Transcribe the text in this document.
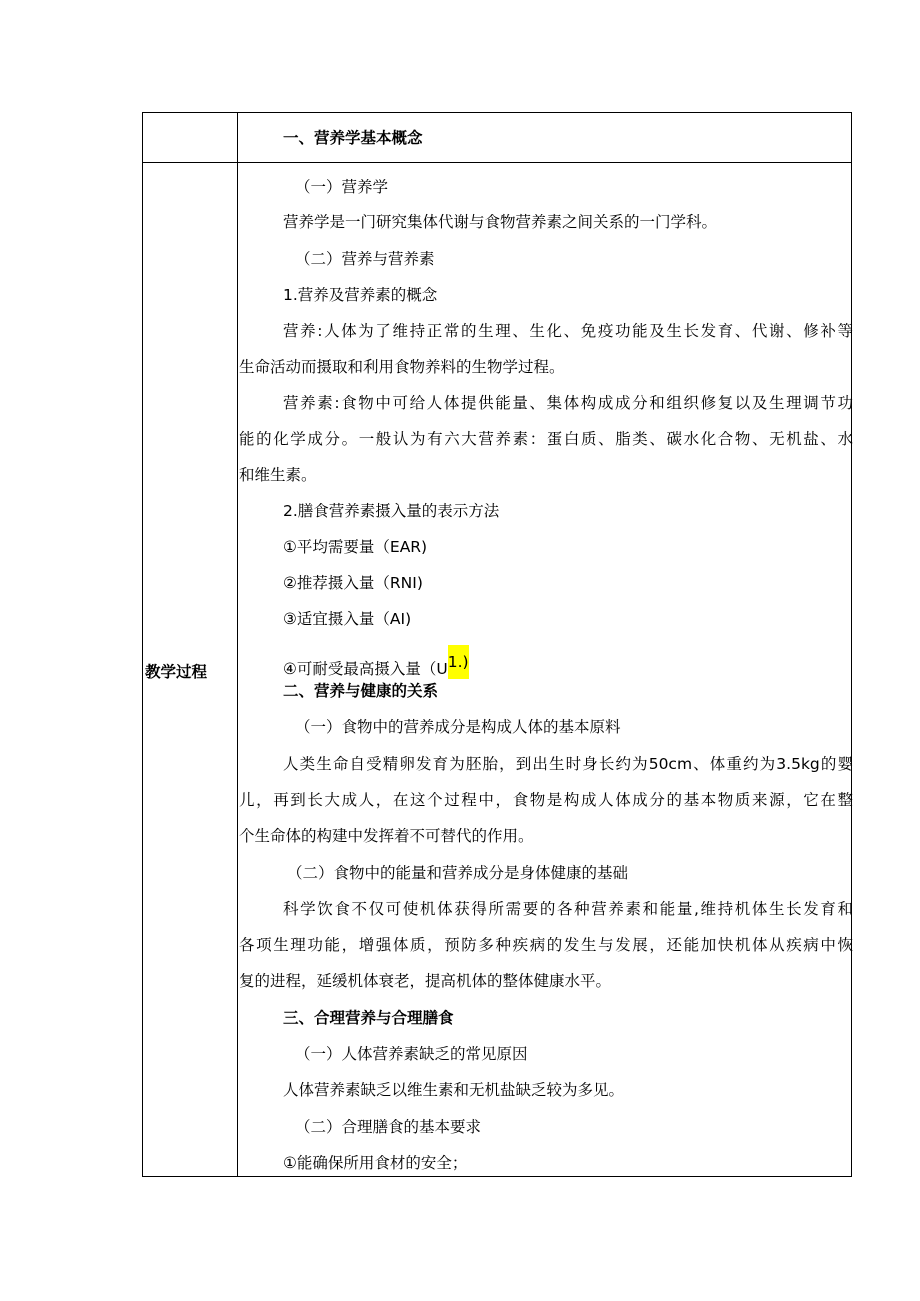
教学过程

一、营养学基本概念

（一）营养学

营养学是一门研究集体代谢与食物营养素之间关系的一门学科。

（二）营养与营养素

1.营养及营养素的概念

营养:人体为了维持正常的生理、生化、免疫功能及生长发育、代谢、修补等

生命活动而摄取和利用食物养料的生物学过程。

营养素:食物中可给人体提供能量、集体构成成分和组织修复以及生理调节功

能的化学成分。一般认为有六大营养素：蛋白质、脂类、碳水化合物、无机盐、水

和维生素。

2.膳食营养素摄入量的表示方法

①平均需要量（EAR)

②推荐摄入量（RNI)

③适宜摄入量（AI)

④可耐受最高摄入量（U1.)

二、营养与健康的关系

（一）食物中的营养成分是构成人体的基本原料

人类生命自受精卵发育为胚胎，到出生时身长约为50cm、体重约为3.5kg的婴

儿，再到长大成人，在这个过程中，食物是构成人体成分的基本物质来源，它在整

个生命体的构建中发挥着不可替代的作用。

（二）食物中的能量和营养成分是身体健康的基础

科学饮食不仅可使机体获得所需要的各种营养素和能量,维持机体生长发育和

各项生理功能，增强体质，预防多种疾病的发生与发展，还能加快机体从疾病中恢

复的进程，延缓机体衰老，提高机体的整体健康水平。

三、合理营养与合理膳食

（一）人体营养素缺乏的常见原因

人体营养素缺乏以维生素和无机盐缺乏较为多见。

（二）合理膳食的基本要求

①能确保所用食材的安全；
